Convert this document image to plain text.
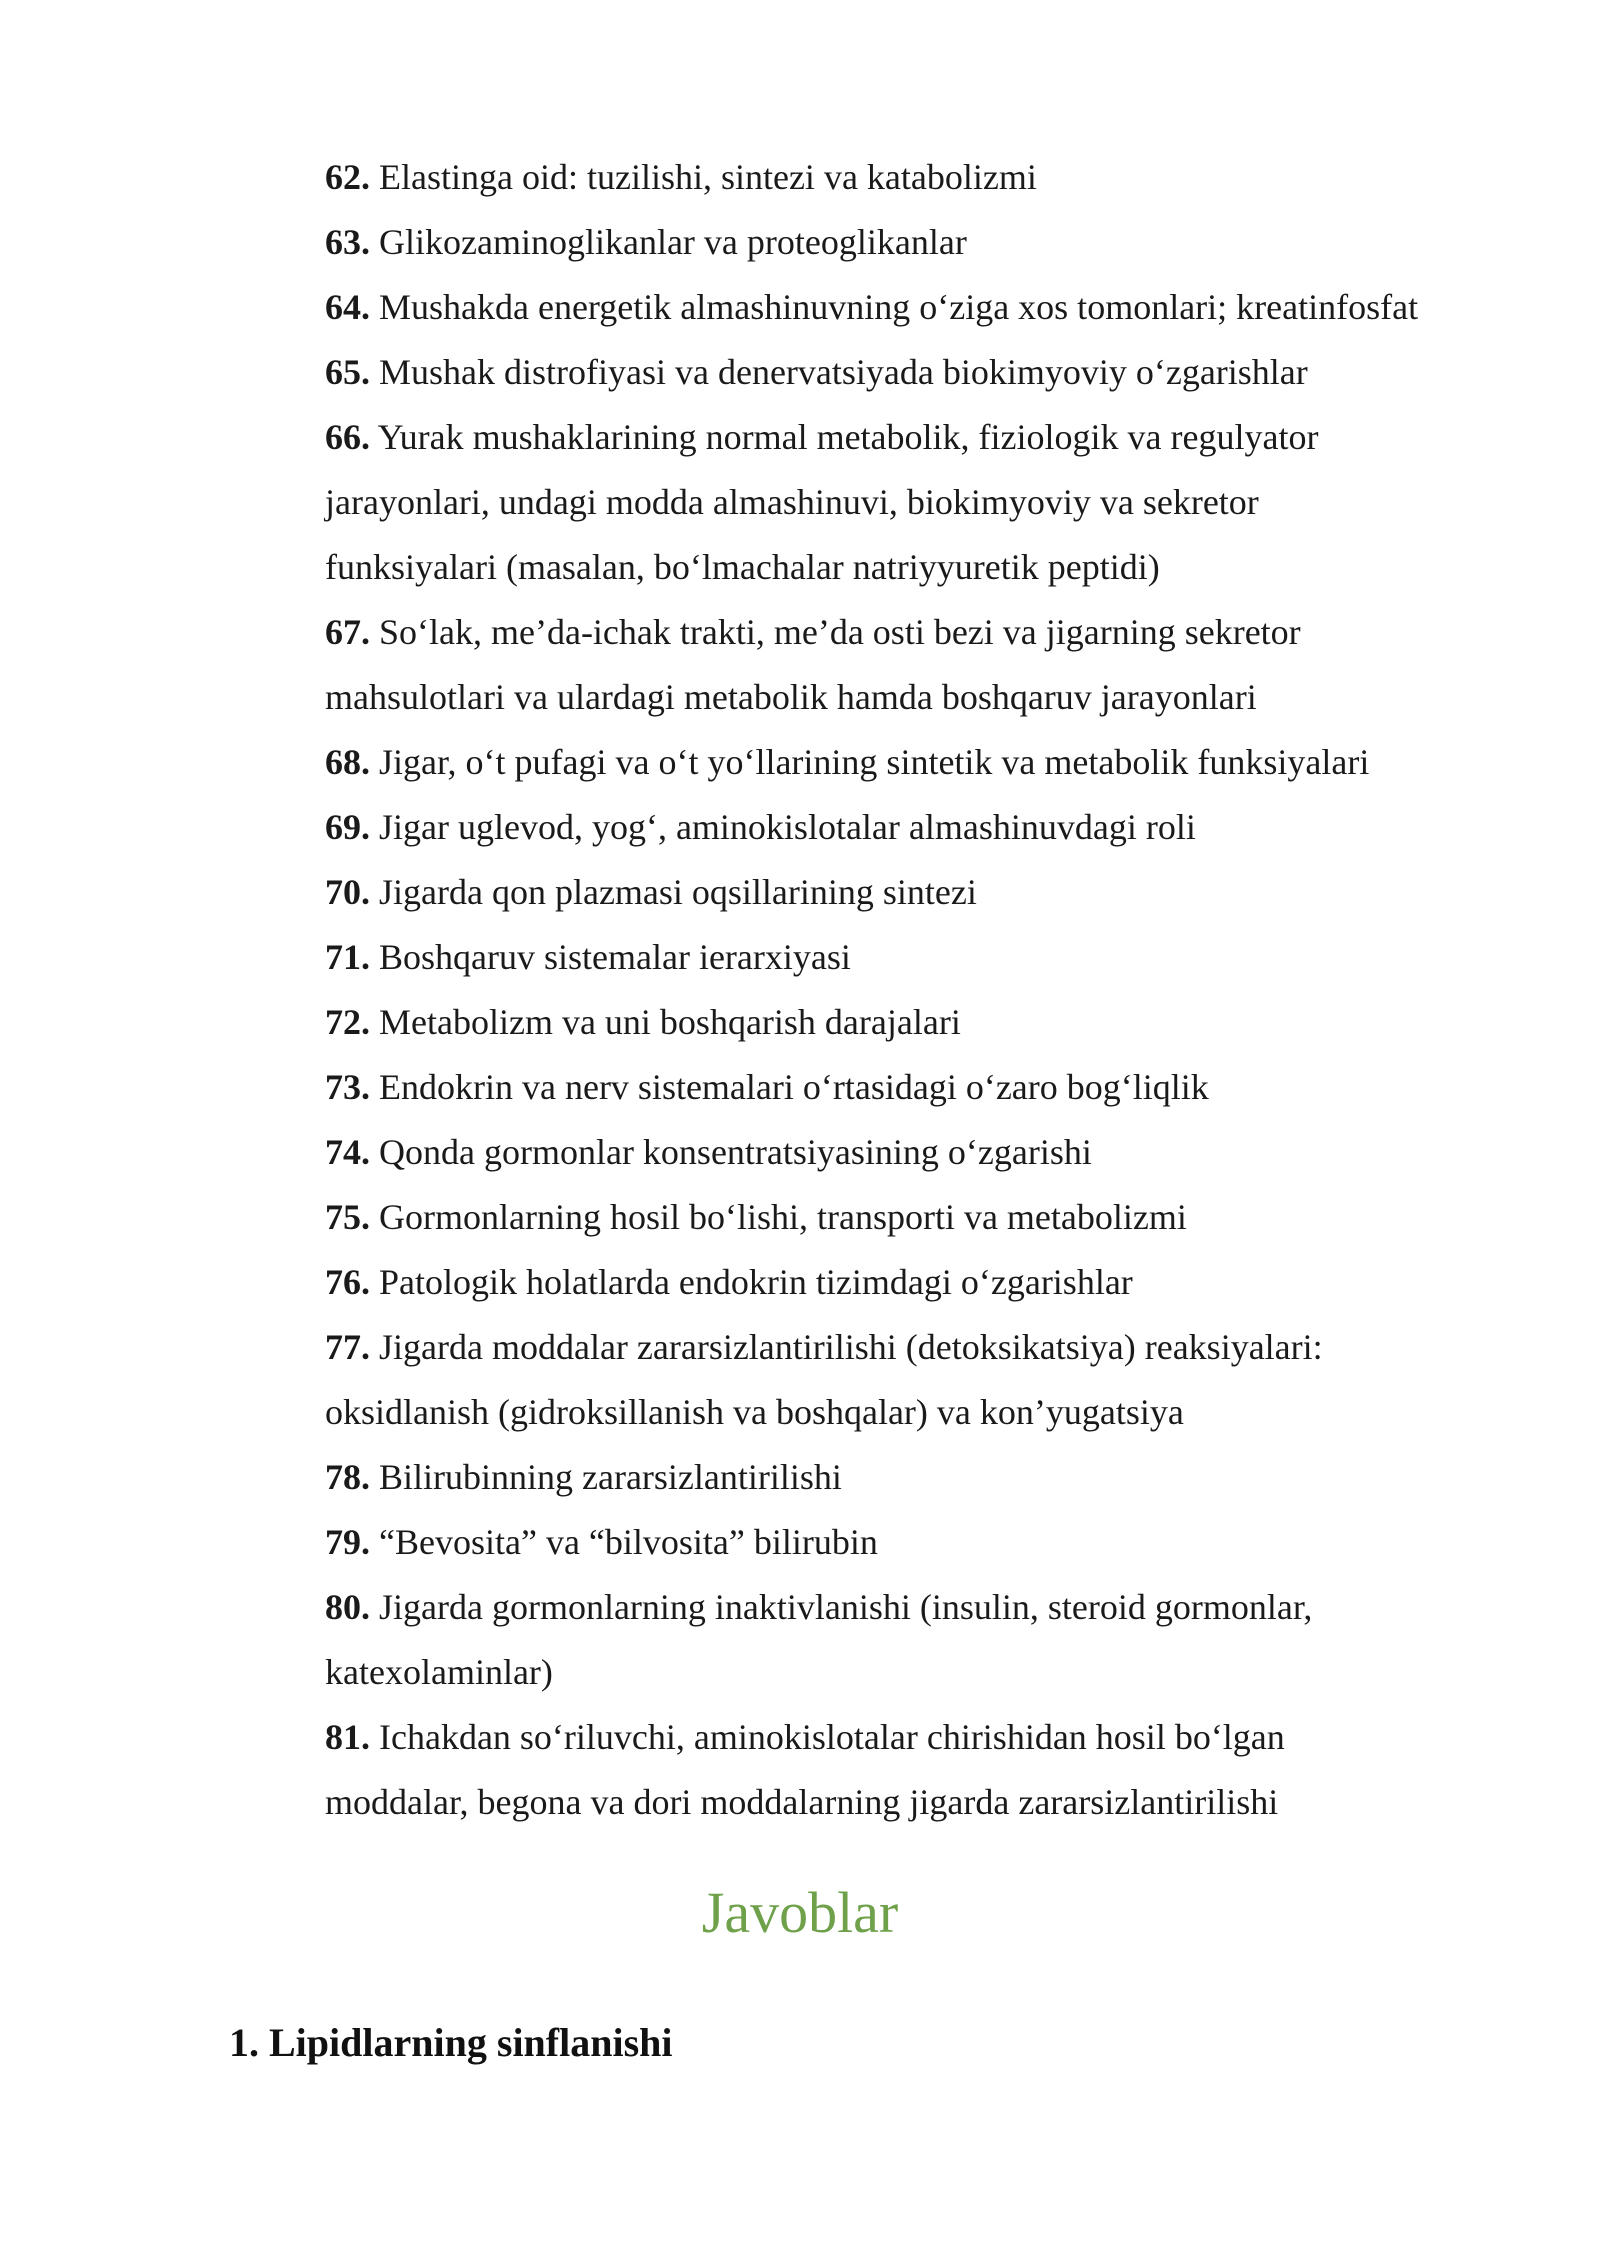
62. Elastinga oid: tuzilishi, sintezi va katabolizmi
63. Glikozaminoglikanlar va proteoglikanlar
64. Mushakda energetik almashinuvning o‘ziga xos tomonlari; kreatinfosfat
65. Mushak distrofiyasi va denervatsiyada biokimyoviy o‘zgarishlar
66. Yurak mushaklarining normal metabolik, fiziologik va regulyator
jarayonlari, undagi modda almashinuvi, biokimyoviy va sekretor
funksiyalari (masalan, bo‘lmachalar natriyyuretik peptidi)
67. So‘lak, me’da-ichak trakti, me’da osti bezi va jigarning sekretor
mahsulotlari va ulardagi metabolik hamda boshqaruv jarayonlari
68. Jigar, o‘t pufagi va o‘t yo‘llarining sintetik va metabolik funksiyalari
69. Jigar uglevod, yog‘, aminokislotalar almashinuvdagi roli
70. Jigarda qon plazmasi oqsillarining sintezi
71. Boshqaruv sistemalar ierarxiyasi
72. Metabolizm va uni boshqarish darajalari
73. Endokrin va nerv sistemalari o‘rtasidagi o‘zaro bog‘liqlik
74. Qonda gormonlar konsentratsiyasining o‘zgarishi
75. Gormonlarning hosil bo‘lishi, transporti va metabolizmi
76. Patologik holatlarda endokrin tizimdagi o‘zgarishlar
77. Jigarda moddalar zararsizlantirilishi (detoksikatsiya) reaksiyalari:
oksidlanish (gidroksillanish va boshqalar) va kon’yugatsiya
78. Bilirubinning zararsizlantirilishi
79. “Bevosita” va “bilvosita” bilirubin
80. Jigarda gormonlarning inaktivlanishi (insulin, steroid gormonlar,
katexolaminlar)
81. Ichakdan so‘riluvchi, aminokislotalar chirishidan hosil bo‘lgan
moddalar, begona va dori moddalarning jigarda zararsizlantirilishi
Javoblar
1. Lipidlarning sinflanishi
